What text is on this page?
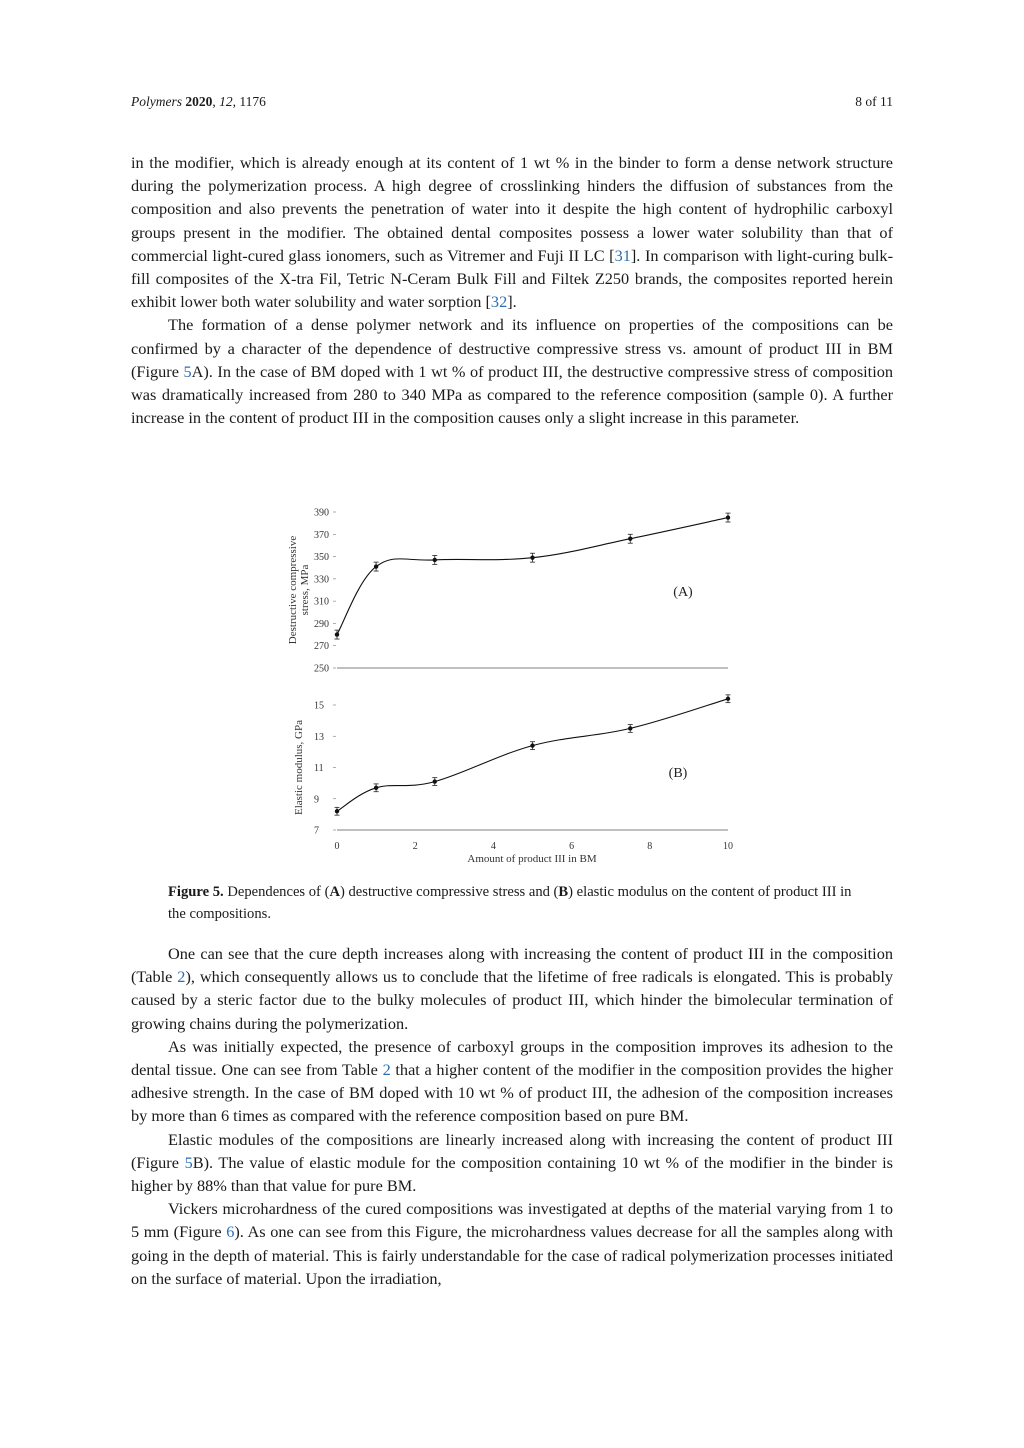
Polymers 2020, 12, 1176	8 of 11

in the modifier, which is already enough at its content of 1 wt % in the binder to form a dense network structure during the polymerization process. A high degree of crosslinking hinders the diffusion of substances from the composition and also prevents the penetration of water into it despite the high content of hydrophilic carboxyl groups present in the modifier. The obtained dental composites possess a lower water solubility than that of commercial light-cured glass ionomers, such as Vitremer and Fuji II LC [31]. In comparison with light-curing bulk-fill composites of the X-tra Fil, Tetric N-Ceram Bulk Fill and Filtek Z250 brands, the composites reported herein exhibit lower both water solubility and water sorption [32].

The formation of a dense polymer network and its influence on properties of the compositions can be confirmed by a character of the dependence of destructive compressive stress vs. amount of product III in BM (Figure 5A). In the case of BM doped with 1 wt % of product III, the destructive compressive stress of composition was dramatically increased from 280 to 340 MPa as compared to the reference composition (sample 0). A further increase in the content of product III in the composition causes only a slight increase in this parameter.

250
270
290
310
330
350
370
390
Destructive compressive stress, MPa	(A)
7
9
11
13
15
0	2	4	6	8	10
Elastic modulus, GPa
Amount of product III in BM
(B)
Figure 5. Dependences of (A) destructive compressive stress and (B) elastic modulus on the content of product III in the compositions.

One can see that the cure depth increases along with increasing the content of product III in the composition (Table 2), which consequently allows us to conclude that the lifetime of free radicals is elongated. This is probably caused by a steric factor due to the bulky molecules of product III, which hinder the bimolecular termination of growing chains during the polymerization.

As was initially expected, the presence of carboxyl groups in the composition improves its adhesion to the dental tissue. One can see from Table 2 that a higher content of the modifier in the composition provides the higher adhesive strength. In the case of BM doped with 10 wt % of product III, the adhesion of the composition increases by more than 6 times as compared with the reference composition based on pure BM.

Elastic modules of the compositions are linearly increased along with increasing the content of product III (Figure 5B). The value of elastic module for the composition containing 10 wt % of the modifier in the binder is higher by 88% than that value for pure BM.

Vickers microhardness of the cured compositions was investigated at depths of the material varying from 1 to 5 mm (Figure 6). As one can see from this Figure, the microhardness values decrease for all the samples along with going in the depth of material. This is fairly understandable for the case of radical polymerization processes initiated on the surface of material. Upon the irradiation,
